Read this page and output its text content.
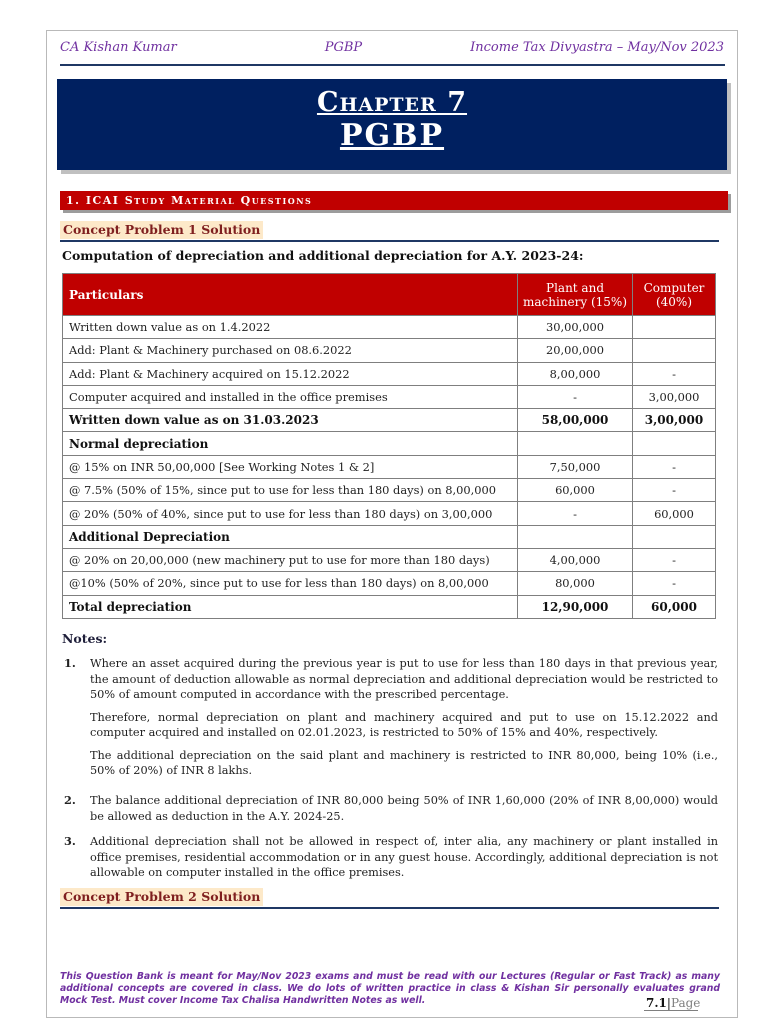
CA Kishan Kumar	PGBP	Income Tax Divyastra – May/Nov 2023
Chapter 7
PGBP
1. ICAI Study Material Questions
Concept Problem 1 Solution
Computation of depreciation and additional depreciation for A.Y. 2023-24:
Particulars	Plant and machinery (15%)	Computer (40%)
Written down value as on 1.4.2022	30,00,000	
Add: Plant & Machinery purchased on 08.6.2022	20,00,000	
Add: Plant & Machinery acquired on 15.12.2022	8,00,000	-
Computer acquired and installed in the office premises	-	3,00,000
Written down value as on 31.03.2023	58,00,000	3,00,000
Normal depreciation		
@ 15% on INR 50,00,000 [See Working Notes 1 & 2]	7,50,000	-
@ 7.5% (50% of 15%, since put to use for less than 180 days) on 8,00,000	60,000	-
@ 20% (50% of 40%, since put to use for less than 180 days) on 3,00,000	-	60,000
Additional Depreciation		
@ 20% on 20,00,000 (new machinery put to use for more than 180 days)	4,00,000	-
@10% (50% of 20%, since put to use for less than 180 days) on 8,00,000	80,000	-
Total depreciation	12,90,000	60,000
Notes:
1. Where an asset acquired during the previous year is put to use for less than 180 days in that previous year, the amount of deduction allowable as normal depreciation and additional depreciation would be restricted to 50% of amount computed in accordance with the prescribed percentage.
Therefore, normal depreciation on plant and machinery acquired and put to use on 15.12.2022 and computer acquired and installed on 02.01.2023, is restricted to 50% of 15% and 40%, respectively.
The additional depreciation on the said plant and machinery is restricted to INR 80,000, being 10% (i.e., 50% of 20%) of INR 8 lakhs.
2. The balance additional depreciation of INR 80,000 being 50% of INR 1,60,000 (20% of INR 8,00,000) would be allowed as deduction in the A.Y. 2024-25.
3. Additional depreciation shall not be allowed in respect of, inter alia, any machinery or plant installed in office premises, residential accommodation or in any guest house. Accordingly, additional depreciation is not allowable on computer installed in the office premises.
Concept Problem 2 Solution
This Question Bank is meant for May/Nov 2023 exams and must be read with our Lectures (Regular or Fast Track) as many additional concepts are covered in class. We do lots of written practice in class & Kishan Sir personally evaluates grand Mock Test. Must cover Income Tax Chalisa Handwritten Notes as well.	7.1|Page
